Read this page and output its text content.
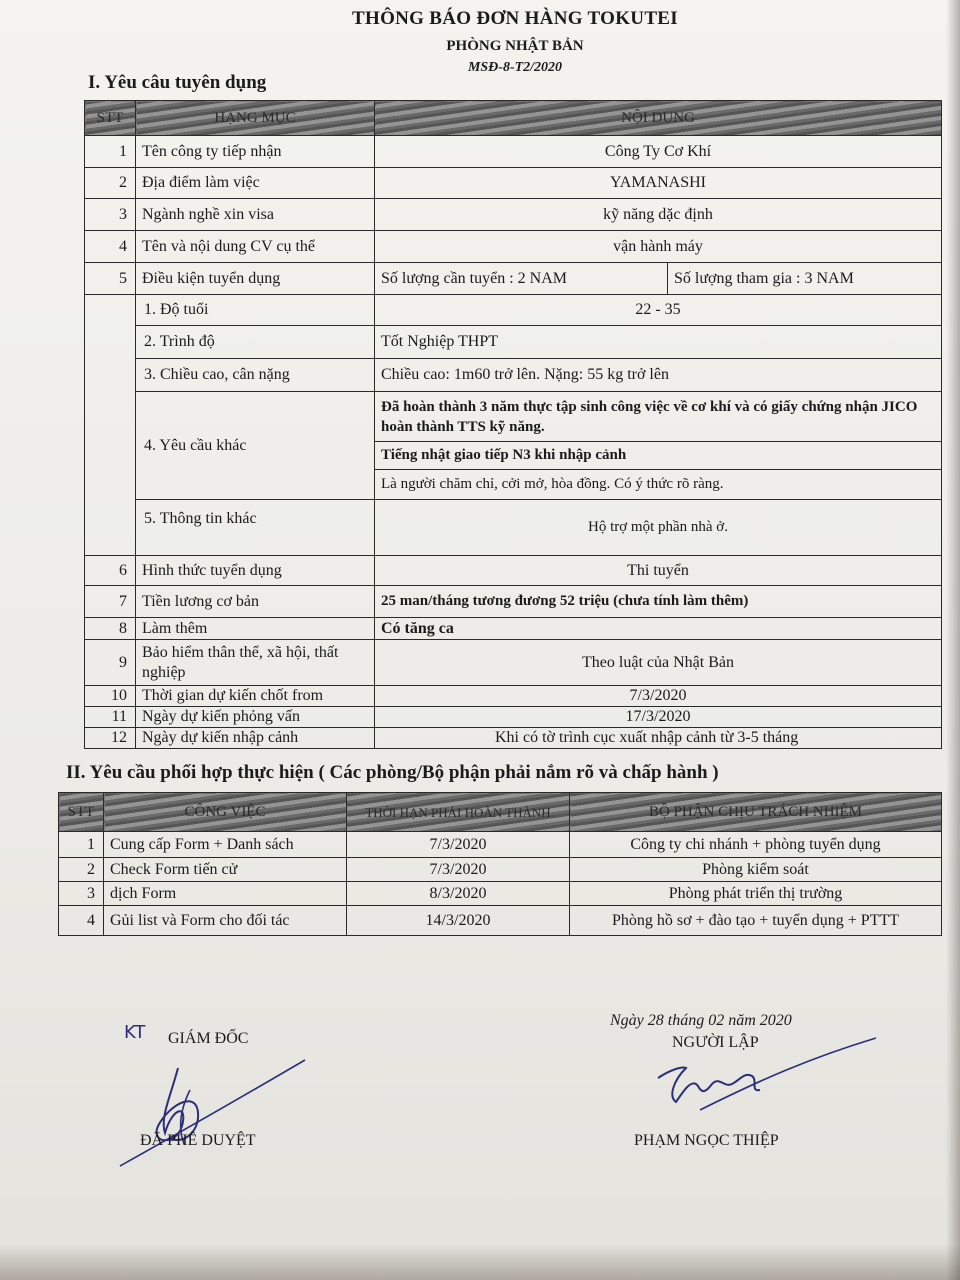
THÔNG BÁO ĐƠN HÀNG TOKUTEI
PHÒNG NHẬT BẢN
MSĐ-8-T2/2020
I. Yêu câu tuyên dụng
STT	HẠNG MỤC	NỘI DUNG	
1	Tên công ty tiếp nhận	Công Ty Cơ Khí	
2	Địa điểm làm việc	YAMANASHI	
3	Ngành nghề xin visa	kỹ năng dặc định	
4	Tên và nội dung CV cụ thể	vận hành máy	
5	Điều kiện tuyển dụng	Số lượng cần tuyển : 2 NAM	Số lượng tham gia : 3 NAM
	1. Độ tuổi	22 - 35	
	2. Trình độ	Tốt Nghiệp THPT	
	3. Chiều cao, cân nặng	Chiều cao: 1m60 trở lên. Nặng: 55 kg trở lên	
	4. Yêu cầu khác	Đã hoàn thành 3 năm thực tập sinh công việc về cơ khí và có giấy chứng nhận JICO hoàn thành TTS kỹ năng.	
		Tiếng nhật giao tiếp N3 khi nhập cảnh	
		Là người chăm chỉ, cởi mở, hòa đồng. Có ý thức rõ ràng.	
	5. Thông tin khác	Hộ trợ một phần nhà ở.	
6	Hình thức tuyển dụng	Thi tuyển	
7	Tiền lương cơ bản	25 man/tháng tương đương 52 triệu (chưa tính làm thêm)	
8	Làm thêm	Có tăng ca	
9	Bảo hiểm thân thể, xã hội, thất nghiệp	Theo luật của Nhật Bản	
10	Thời gian dự kiến chốt from	7/3/2020	
11	Ngày dự kiến phỏng vấn	17/3/2020	
12	Ngày dự kiến nhập cảnh	Khi có tờ trình cục xuất nhập cảnh từ 3-5 tháng	
II. Yêu cầu phối hợp thực hiện ( Các phòng/Bộ phận phải nắm rõ và chấp hành )
STT	CÔNG VIỆC	THỜI HẠN PHẢI HOÀN THÀNH	BỘ PHẬN CHỊU TRÁCH NHIỆM
1	Cung cấp Form + Danh sách	7/3/2020	Công ty chi nhánh + phòng tuyển dụng
2	Check Form tiến cử	7/3/2020	Phòng kiểm soát
3	dịch Form	8/3/2020	Phòng phát triển thị trường
4	Gủi list và Form cho đối tác	14/3/2020	Phòng hồ sơ + đào tạo + tuyển dụng + PTTT
KT GIÁM ĐỐC
ĐÃ PHÊ DUYỆT
Ngày 28 tháng 02 năm 2020
NGƯỜI LẬP
PHẠM NGỌC THIỆP
